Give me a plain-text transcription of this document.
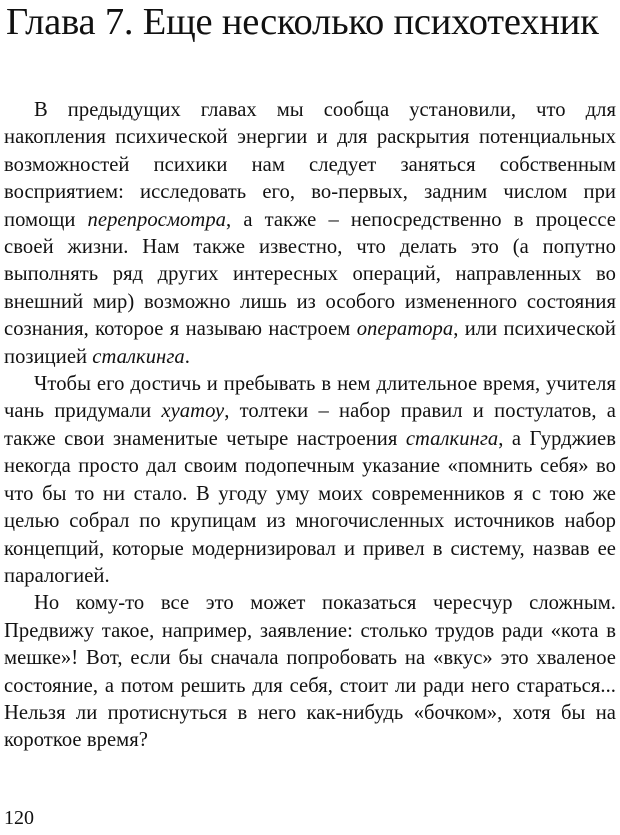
Глава 7. Еще несколько психотехник

В предыдущих главах мы сообща установили, что для накопления психической энергии и для раскрытия потенциальных возможностей психики нам следует заняться собственным восприятием: исследовать его, во-первых, задним числом при помощи перепросмотра, а также – непосредственно в процессе своей жизни. Нам также известно, что делать это (а попутно выполнять ряд других интересных операций, направленных во внешний мир) возможно лишь из особого измененного состояния сознания, которое я называю настроем оператора, или психической позицией сталкинга.

Чтобы его достичь и пребывать в нем длительное время, учителя чань придумали хуатоу, толтеки – набор правил и постулатов, а также свои знаменитые четыре настроения сталкинга, а Гурджиев некогда просто дал своим подопечным указание «помнить себя» во что бы то ни стало. В угоду уму моих современников я с тою же целью собрал по крупицам из многочисленных источников набор концепций, которые модернизировал и привел в систему, назвав ее паралогией.

Но кому-то все это может показаться чересчур сложным. Предвижу такое, например, заявление: столько трудов ради «кота в мешке»! Вот, если бы сначала попробовать на «вкус» это хваленое состояние, а потом решить для себя, стоит ли ради него стараться... Нельзя ли протиснуться в него как-нибудь «бочком», хотя бы на короткое время?

120
